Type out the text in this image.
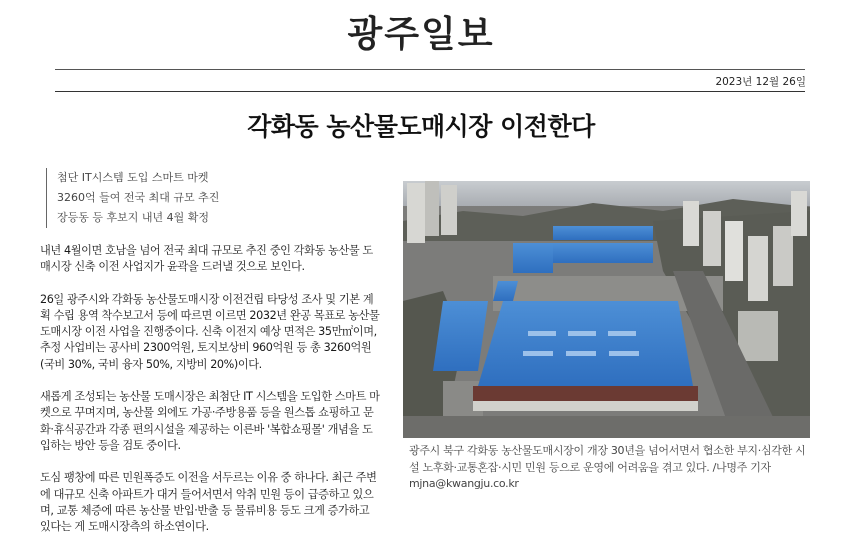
광주일보
2023년 12월 26일
각화동 농산물도매시장 이전한다
첨단 IT시스템 도입 스마트 마켓
3260억 들여 전국 최대 규모 추진
장등동 등 후보지 내년 4월 확정

내년 4월이면 호남을 넘어 전국 최대 규모로 추진 중인 각화동 농산물 도매시장 신축 이전 사업지가 윤곽을 드러낼 것으로 보인다.

26일 광주시와 각화동 농산물도매시장 이전건립 타당성 조사 및 기본 계획 수립 용역 착수보고서 등에 따르면 이르면 2032년 완공 목표로 농산물도매시장 이전 사업을 진행중이다. 신축 이전지 예상 면적은 35만㎡이며, 추정 사업비는 공사비 2300억원, 토지보상비 960억원 등 총 3260억원(국비 30%, 국비 융자 50%, 지방비 20%)이다.

새롭게 조성되는 농산물 도매시장은 최첨단 IT 시스템을 도입한 스마트 마켓으로 꾸며지며, 농산물 외에도 가공·주방용품 등을 원스톱 쇼핑하고 문화·휴식공간과 각종 편의시설을 제공하는 이른바 '복합쇼핑몰' 개념을 도입하는 방안 등을 검토 중이다.

도심 팽창에 따른 민원폭증도 이전을 서두르는 이유 중 하나다. 최근 주변에 대규모 신축 아파트가 대거 들어서면서 악취 민원 등이 급증하고 있으며, 교통 체증에 따른 농산물 반입·반출 등 물류비용 등도 크게 증가하고 있다는 게 도매시장측의 하소연이다.

광주시 북구 각화동 농산물도매시장이 개장 30년을 넘어서면서 협소한 부지·심각한 시설 노후화·교통혼잡·시민 민원 등으로 운영에 어려움을 겪고 있다. /나명주 기자 mjna@kwangju.co.kr
